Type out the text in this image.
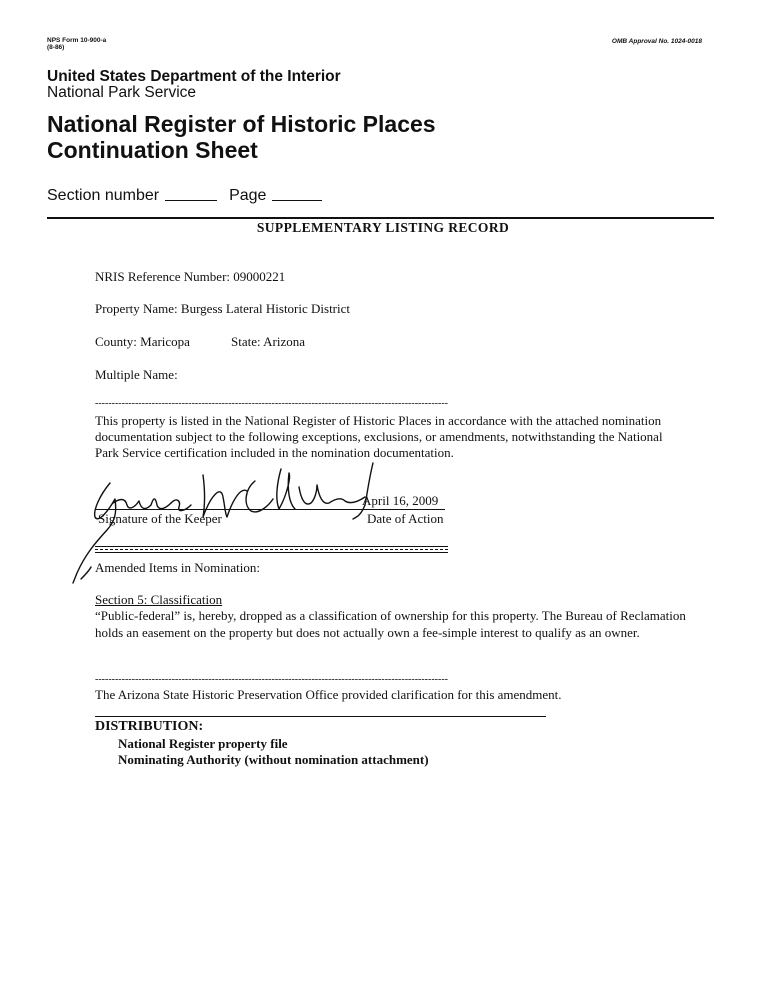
NPS Form 10-900-a
(8-86)
OMB Approval No. 1024-0018
United States Department of the Interior
National Park Service
National Register of Historic Places
Continuation Sheet
Section number	Page
SUPPLEMENTARY LISTING RECORD
NRIS Reference Number: 09000221
Property Name: Burgess Lateral Historic District
County: Maricopa	State: Arizona
Multiple Name:
----------------------------------------------------------------------------------------------------------
This property is listed in the National Register of Historic Places in accordance with the attached nomination documentation subject to the following exceptions, exclusions, or amendments, notwithstanding the National Park Service certification included in the nomination documentation.
April 16, 2009
Signature of the Keeper	Date of Action
Amended Items in Nomination:
Section 5: Classification
“Public-federal” is, hereby, dropped as a classification of ownership for this property. The Bureau of Reclamation holds an easement on the property but does not actually own a fee-simple interest to qualify as an owner.
----------------------------------------------------------------------------------------------------------
The Arizona State Historic Preservation Office provided clarification for this amendment.
DISTRIBUTION:
National Register property file
Nominating Authority (without nomination attachment)
